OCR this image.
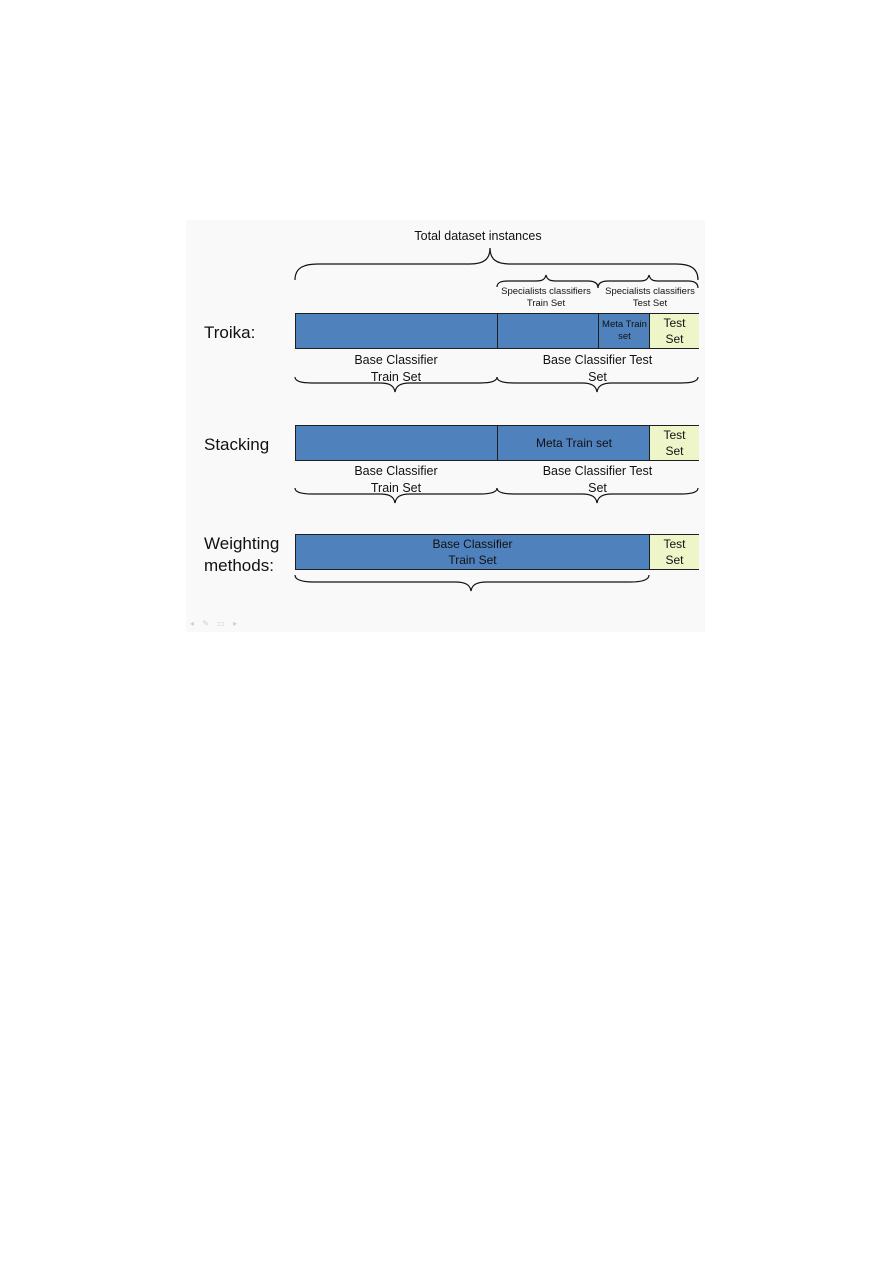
Total dataset instances
Specialists classifiers
Train Set
Specialists classifiers
Test Set
Troika:	Meta Train
set
Test
Set
Base Classifier
Train Set
Base Classifier Test
Set
Stacking	Meta Train set
Test
Set
Base Classifier
Train Set
Base Classifier Test
Set
Weighting
methods:
Base Classifier
Train Set
Test
Set
◂ ✎ ▭ ▸
